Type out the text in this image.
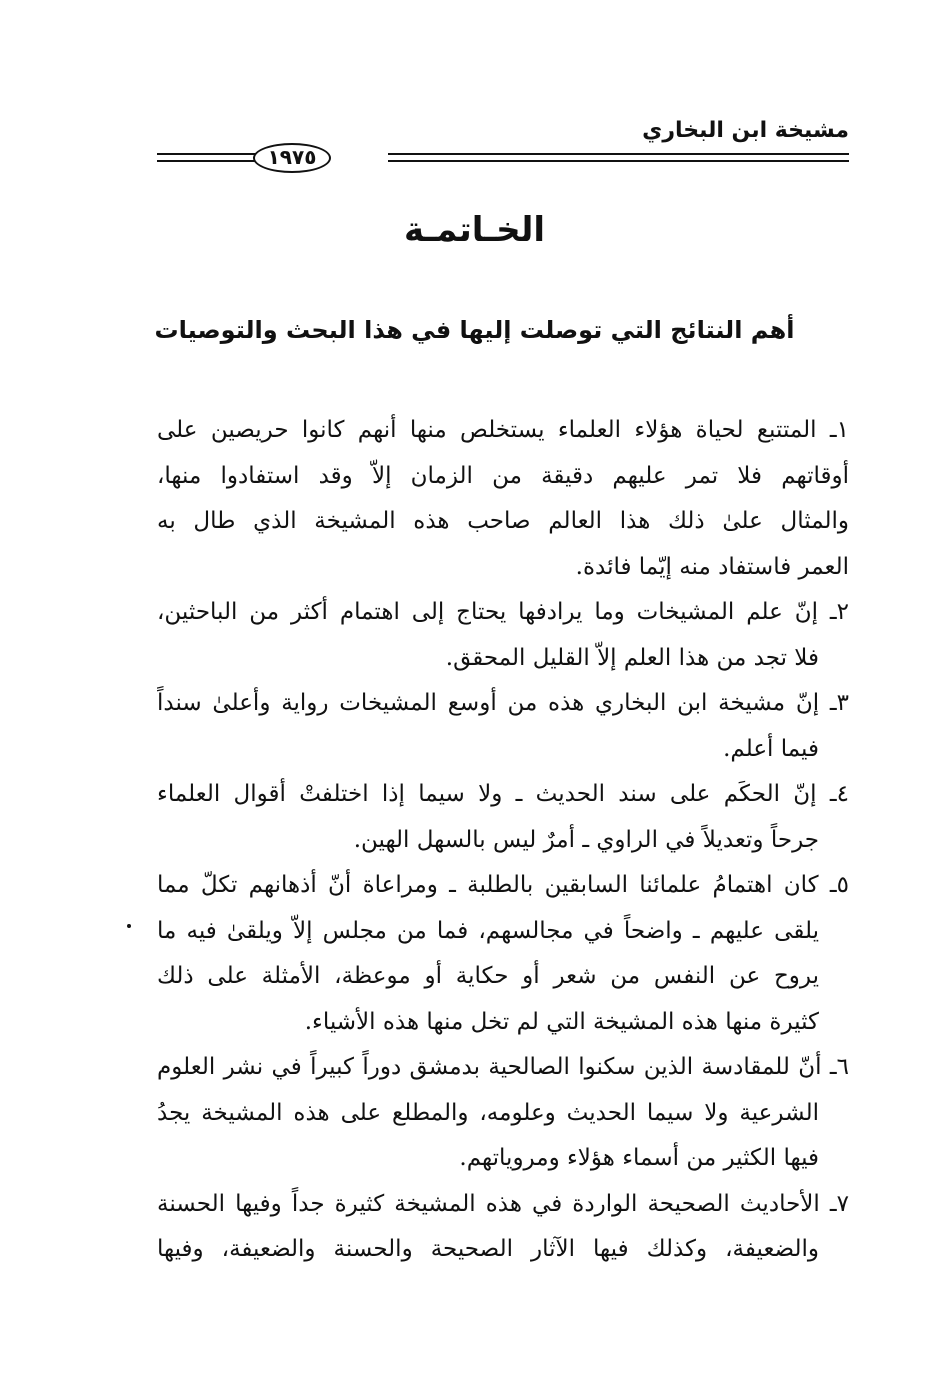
مشيخة ابن البخاري
١٩٧٥
الخـاتمـة
أهم النتائج التي توصلت إليها في هذا البحث والتوصيات
١ـ المتتبع لحياة هؤلاء العلماء يستخلص منها أنهم كانوا حريصين على
أوقاتهم فلا تمر عليهم دقيقة من الزمان إلاّ وقد استفادوا منها،
والمثال علىٰ ذلك هذا العالم صاحب هذه المشيخة الذي طال به
العمر فاستفاد منه إيّما فائدة.
٢ـ إنّ علم المشيخات وما يرادفها يحتاج إلى اهتمام أكثر من الباحثين،
فلا تجد من هذا العلم إلاّ القليل المحقق.
٣ـ إنّ مشيخة ابن البخاري هذه من أوسع المشيخات رواية وأعلىٰ سنداً
فيما أعلم.
٤ـ إنّ الحكَم على سند الحديث ـ ولا سيما إذا اختلفتْ أقوال العلماء
جرحاً وتعديلاً في الراوي ـ أمرٌ ليس بالسهل الهين.
٥ـ كان اهتمامُ علمائنا السابقين بالطلبة ـ ومراعاة أنّ أذهانهم تكلّ مما
يلقى عليهم ـ واضحاً في مجالسهم، فما من مجلس إلاّ ويلقىٰ فيه ما
يروح عن النفس من شعر أو حكاية أو موعظة، الأمثلة على ذلك
كثيرة منها هذه المشيخة التي لم تخل منها هذه الأشياء.
٦ـ أنّ للمقادسة الذين سكنوا الصالحية بدمشق دوراً كبيراً في نشر العلوم
الشرعية ولا سيما الحديث وعلومه، والمطلع على هذه المشيخة يجدُ
فيها الكثير من أسماء هؤلاء ومروياتهم.
٧ـ الأحاديث الصحيحة الواردة في هذه المشيخة كثيرة جداً وفيها الحسنة
والضعيفة، وكذلك فيها الآثار الصحيحة والحسنة والضعيفة، وفيها
